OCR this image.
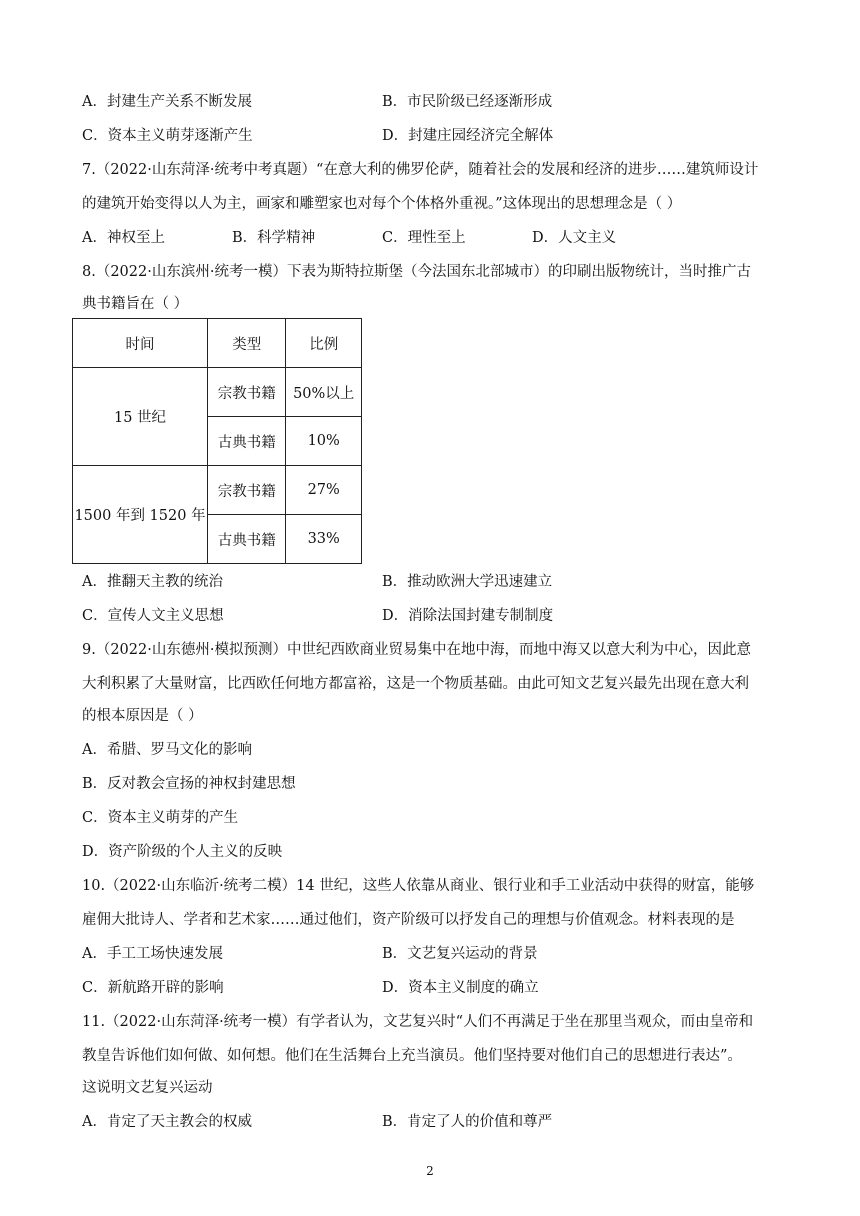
A．封建生产关系不断发展	B．市民阶级已经逐渐形成
C．资本主义萌芽逐渐产生	D．封建庄园经济完全解体
7.（2022·山东菏泽·统考中考真题）“在意大利的佛罗伦萨，随着社会的发展和经济的进步……建筑师设计
的建筑开始变得以人为主，画家和雕塑家也对每个个体格外重视。”这体现出的思想理念是（ ）
A．神权至上	B．科学精神	C．理性至上	D．人文主义
8.（2022·山东滨州·统考一模）下表为斯特拉斯堡（今法国东北部城市）的印刷出版物统计，当时推广古
典书籍旨在（ ）
时间	类型	比例
15 世纪	宗教书籍	50%以上
	古典书籍	10%
1500 年到 1520 年	宗教书籍	27%
	古典书籍	33%
A．推翻天主教的统治	B．推动欧洲大学迅速建立
C．宣传人文主义思想	D．消除法国封建专制制度
9.（2022·山东德州·模拟预测）中世纪西欧商业贸易集中在地中海，而地中海又以意大利为中心，因此意
大利积累了大量财富，比西欧任何地方都富裕，这是一个物质基础。由此可知文艺复兴最先出现在意大利
的根本原因是（ ）
A．希腊、罗马文化的影响
B．反对教会宣扬的神权封建思想
C．资本主义萌芽的产生
D．资产阶级的个人主义的反映
10.（2022·山东临沂·统考二模）14 世纪，这些人依靠从商业、银行业和手工业活动中获得的财富，能够
雇佣大批诗人、学者和艺术家……通过他们，资产阶级可以抒发自己的理想与价值观念。材料表现的是
A．手工工场快速发展	B．文艺复兴运动的背景
C．新航路开辟的影响	D．资本主义制度的确立
11.（2022·山东菏泽·统考一模）有学者认为，文艺复兴时“人们不再满足于坐在那里当观众，而由皇帝和
教皇告诉他们如何做、如何想。他们在生活舞台上充当演员。他们坚持要对他们自己的思想进行表达”。
这说明文艺复兴运动
A．肯定了天主教会的权威	B．肯定了人的价值和尊严
2
